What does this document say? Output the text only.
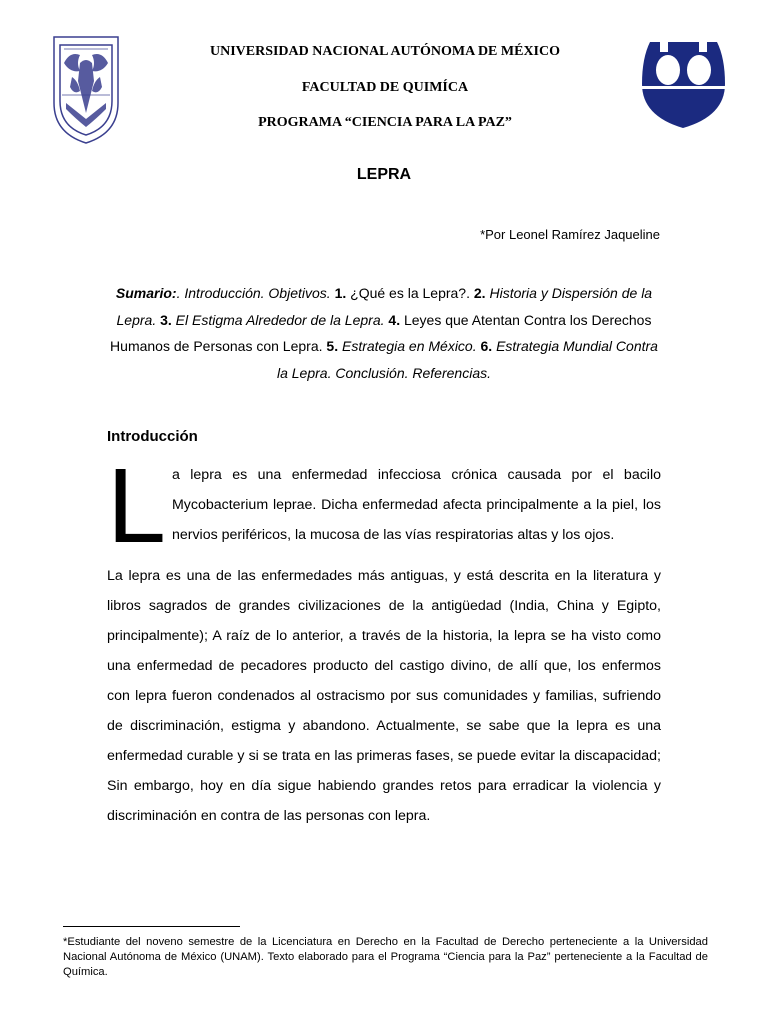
UNIVERSIDAD NACIONAL AUTÓNOMA DE MÉXICO
FACULTAD DE QUIMÍCA
PROGRAMA “CIENCIA PARA LA PAZ”
LEPRA
*Por Leonel Ramírez Jaqueline
Sumario:. Introducción. Objetivos. 1. ¿Qué es la Lepra?. 2. Historia y Dispersión de la Lepra. 3. El Estigma Alrededor de la Lepra. 4. Leyes que Atentan Contra los Derechos Humanos de Personas con Lepra. 5. Estrategia en México. 6. Estrategia Mundial Contra la Lepra. Conclusión. Referencias.
Introducción

La lepra es una enfermedad infecciosa crónica causada por el bacilo Mycobacterium leprae. Dicha enfermedad afecta principalmente a la piel, los nervios periféricos, la mucosa de las vías respiratorias altas y los ojos.

La lepra es una de las enfermedades más antiguas, y está descrita en la literatura y libros sagrados de grandes civilizaciones de la antigüedad (India, China y Egipto, principalmente); A raíz de lo anterior, a través de la historia, la lepra se ha visto como una enfermedad de pecadores producto del castigo divino, de allí que, los enfermos con lepra fueron condenados al ostracismo por sus comunidades y familias, sufriendo de discriminación, estigma y abandono. Actualmente, se sabe que la lepra es una enfermedad curable y si se trata en las primeras fases, se puede evitar la discapacidad; Sin embargo, hoy en día sigue habiendo grandes retos para erradicar la violencia y discriminación en contra de las personas con lepra.

*Estudiante del noveno semestre de la Licenciatura en Derecho en la Facultad de Derecho perteneciente a la Universidad Nacional Autónoma de México (UNAM). Texto elaborado para el Programa “Ciencia para la Paz” perteneciente a la Facultad de Química.
